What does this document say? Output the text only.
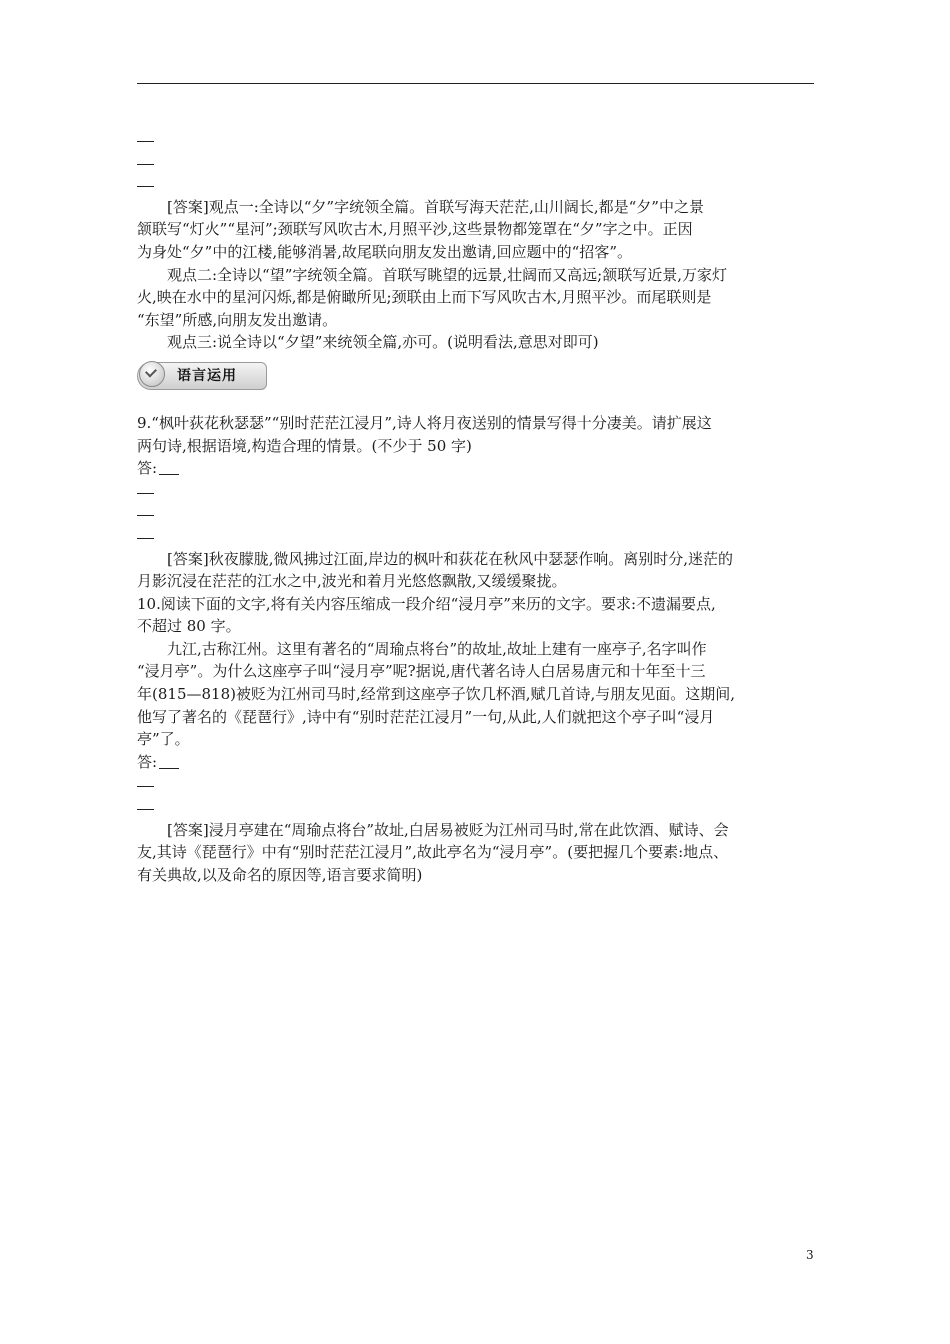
[答案]观点一:全诗以“夕”字统领全篇。首联写海天茫茫,山川阔长,都是“夕”中之景
颔联写“灯火”“星河”;颈联写风吹古木,月照平沙,这些景物都笼罩在“夕”字之中。正因
为身处“夕”中的江楼,能够消暑,故尾联向朋友发出邀请,回应题中的“招客”。
观点二:全诗以“望”字统领全篇。首联写眺望的远景,壮阔而又高远;颔联写近景,万家灯
火,映在水中的星河闪烁,都是俯瞰所见;颈联由上而下写风吹古木,月照平沙。而尾联则是
“东望”所感,向朋友发出邀请。
观点三:说全诗以“夕望”来统领全篇,亦可。(说明看法,意思对即可)
语言运用
9.“枫叶荻花秋瑟瑟”“别时茫茫江浸月”,诗人将月夜送别的情景写得十分凄美。请扩展这
两句诗,根据语境,构造合理的情景。(不少于 50 字)
答:
[答案]秋夜朦胧,微风拂过江面,岸边的枫叶和荻花在秋风中瑟瑟作响。离别时分,迷茫的
月影沉浸在茫茫的江水之中,波光和着月光悠悠飘散,又缓缓聚拢。
10.阅读下面的文字,将有关内容压缩成一段介绍“浸月亭”来历的文字。要求:不遗漏要点,
不超过 80 字。
九江,古称江州。这里有著名的“周瑜点将台”的故址,故址上建有一座亭子,名字叫作
“浸月亭”。为什么这座亭子叫“浸月亭”呢?据说,唐代著名诗人白居易唐元和十年至十三
年(815—818)被贬为江州司马时,经常到这座亭子饮几杯酒,赋几首诗,与朋友见面。这期间,
他写了著名的《琵琶行》,诗中有“别时茫茫江浸月”一句,从此,人们就把这个亭子叫“浸月
亭”了。
答:
[答案]浸月亭建在“周瑜点将台”故址,白居易被贬为江州司马时,常在此饮酒、赋诗、会
友,其诗《琵琶行》中有“别时茫茫江浸月”,故此亭名为“浸月亭”。(要把握几个要素:地点、
有关典故,以及命名的原因等,语言要求简明)
3
